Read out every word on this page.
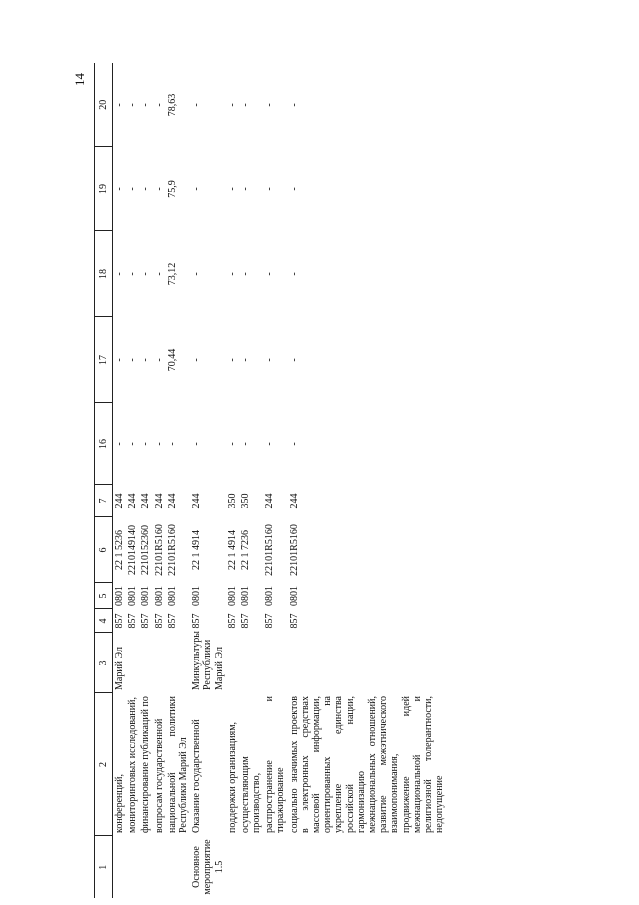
14
1	2	3	4	5	6	7	16	17	18	19	20
	конференций,	Марий Эл	857	0801	22 1 5236	244	-	-	-	-	-
	мониторинговых исследований,		857	0801	2210149140	244	-	-	-	-	-
	финансирование публикаций по		857	0801	2210152360	244	-	-	-	-	-
	вопросам государственной		857	0801	22101R5160	244	-	-	-	-	-
	национальной политики Республики Марий Эл		857	0801	22101R5160	244	-	70,44	73,12	75,9	78,63
Основное мероприятие 1.5	Оказание государственной	Минкультуры Республики Марий Эл	857	0801	22 1 4914	244	-	-	-	-	-
	поддержки организациям,		857	0801	22 1 4914	350	-	-	-	-	-
	осуществляющим производство,		857	0801	22 1 7236	350	-	-	-	-	-
	распространение и тиражирование		857	0801	22101R5160	244	-	-	-	-	-
	социально значимых проектов в электронных средствах массовой информации, ориентированных на укрепление единства российской нации, гармонизацию межнациональных отношений, развитие межэтнического взаимопонимания, продвижение идей межнациональной и религиозной толерантности, недопущение		857	0801	22101R5160	244	-	-	-	-	-
